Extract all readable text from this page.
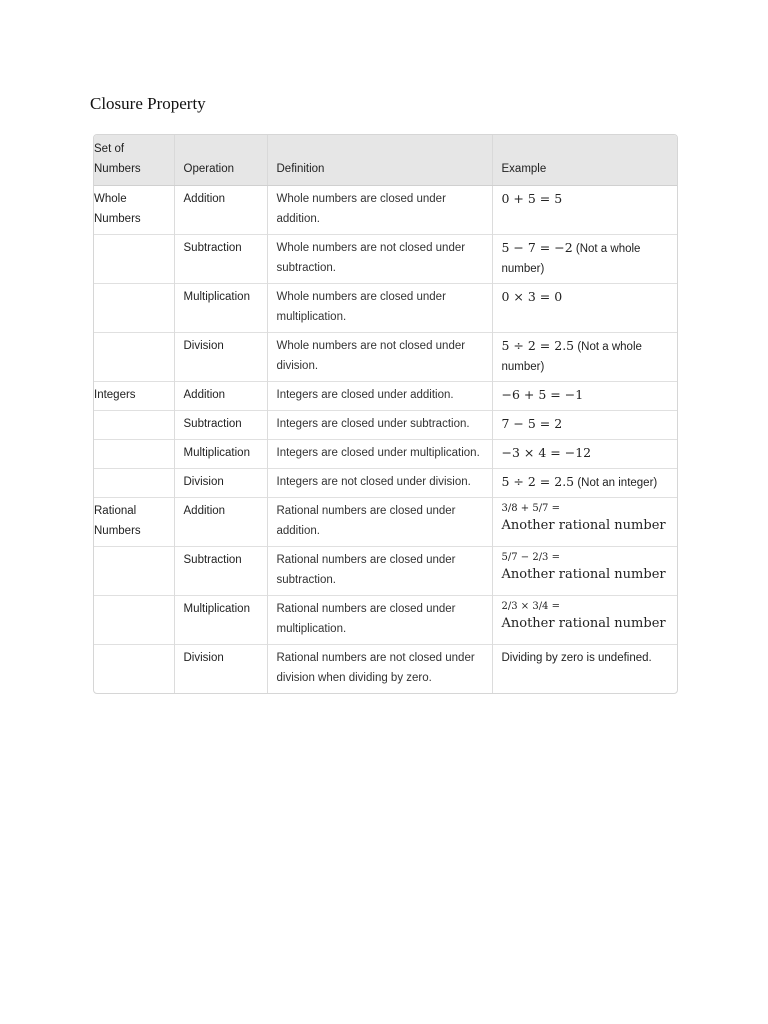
Closure Property
Set of
Numbers	Operation	Definition	Example
Whole
Numbers	Addition	Whole numbers are closed under addition.	0 + 5 = 5
	Subtraction	Whole numbers are not closed under subtraction.	5 − 7 = −2 (Not a whole number)
	Multiplication	Whole numbers are closed under multiplication.	0 × 3 = 0
	Division	Whole numbers are not closed under division.	5 ÷ 2 = 2.5 (Not a whole number)
Integers	Addition	Integers are closed under addition.	−6 + 5 = −1
	Subtraction	Integers are closed under subtraction.	7 − 5 = 2
	Multiplication	Integers are closed under multiplication.	−3 × 4 = −12
	Division	Integers are not closed under division.	5 ÷ 2 = 2.5 (Not an integer)
Rational
Numbers	Addition	Rational numbers are closed under addition.	3/8 + 5/7 =
Another rational number

	Subtraction	Rational numbers are closed under subtraction.	5/7 − 2/3 =
Another rational number

	Multiplication	Rational numbers are closed under multiplication.	2/3 × 3/4 =
Another rational number

	Division	Rational numbers are not closed under division when dividing by zero.	Dividing by zero is undefined.
